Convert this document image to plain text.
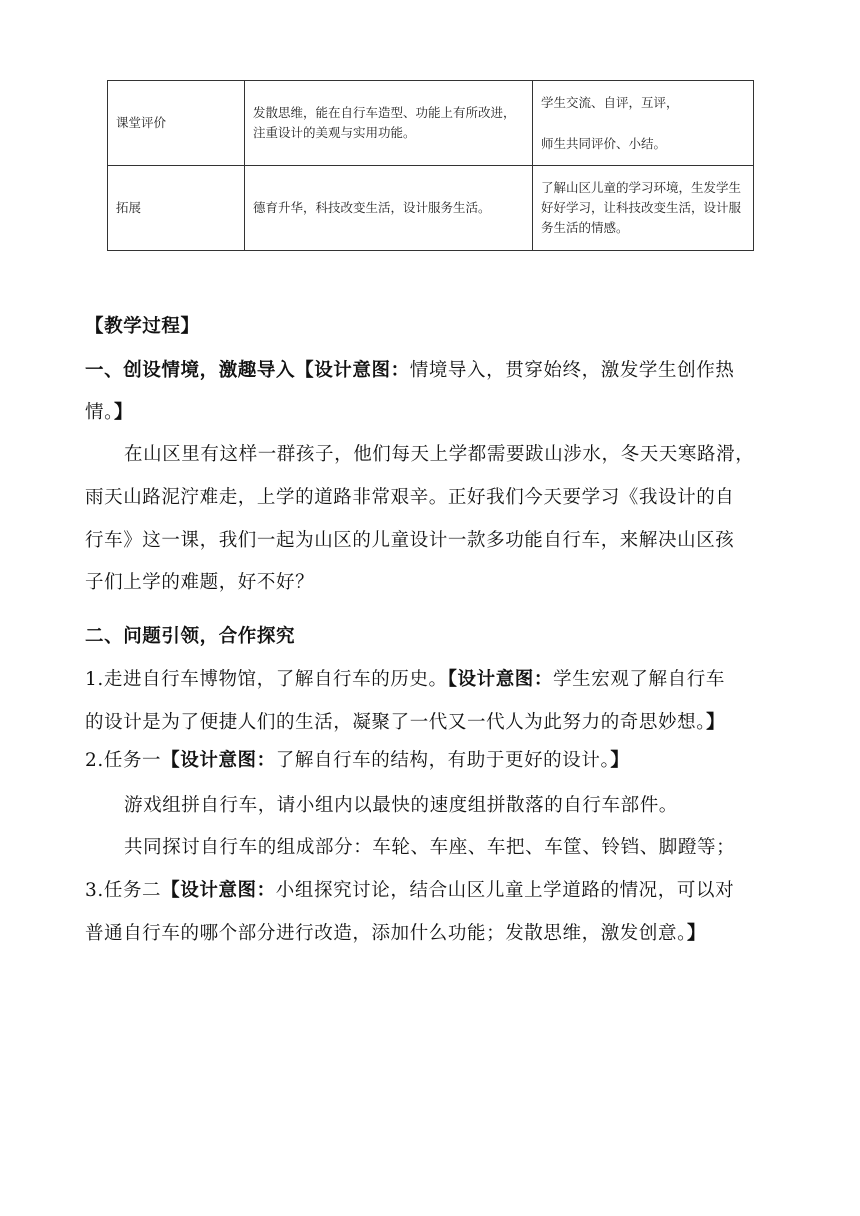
课堂评价	发散思维，能在自行车造型、功能上有所改进，注重设计的美观与实用功能。	学生交流、自评，互评，
师生共同评价、小结。
拓展	德育升华，科技改变生活，设计服务生活。	了解山区儿童的学习环境，生发学生好好学习，让科技改变生活，设计服务生活的情感。
【教学过程】
一、创设情境，激趣导入【设计意图：情境导入，贯穿始终，激发学生创作热
情。】
在山区里有这样一群孩子，他们每天上学都需要跋山涉水，冬天天寒路滑，
雨天山路泥泞难走，上学的道路非常艰辛。正好我们今天要学习《我设计的自
行车》这一课，我们一起为山区的儿童设计一款多功能自行车，来解决山区孩
子们上学的难题，好不好？
二、问题引领，合作探究
1.走进自行车博物馆，了解自行车的历史。【设计意图：学生宏观了解自行车
的设计是为了便捷人们的生活，凝聚了一代又一代人为此努力的奇思妙想。】
2.任务一【设计意图：了解自行车的结构，有助于更好的设计。】
游戏组拼自行车，请小组内以最快的速度组拼散落的自行车部件。
共同探讨自行车的组成部分：车轮、车座、车把、车筐、铃铛、脚蹬等；
3.任务二【设计意图：小组探究讨论，结合山区儿童上学道路的情况，可以对
普通自行车的哪个部分进行改造，添加什么功能；发散思维，激发创意。】
